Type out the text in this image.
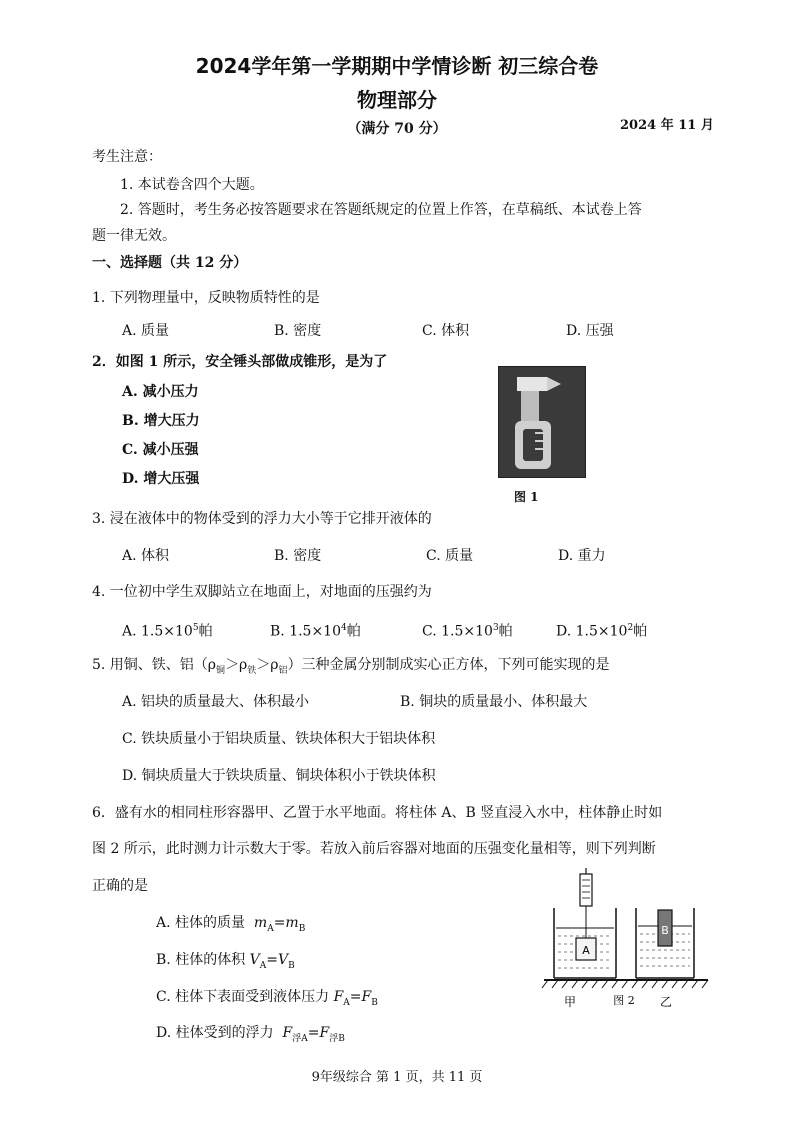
2024学年第一学期期中学情诊断 初三综合卷
物理部分
（满分 70 分）	2024 年 11 月
考生注意：
1. 本试卷含四个大题。
2. 答题时，考生务必按答题要求在答题纸规定的位置上作答，在草稿纸、本试卷上答
题一律无效。
一、选择题（共 12 分）
1. 下列物理量中，反映物质特性的是
A. 质量	B. 密度	C. 体积	D. 压强
2．如图 1 所示，安全锤头部做成锥形，是为了
A. 减小压力
B. 增大压力
C. 减小压强
D. 增大压强
图 1
3. 浸在液体中的物体受到的浮力大小等于它排开液体的
A. 体积	B. 密度	C. 质量	D. 重力
4. 一位初中学生双脚站立在地面上，对地面的压强约为
A. $1.5\times 10^5$帕	B. $1.5\times 10^4$帕	C. $1.5\times 10^3$帕	D. $1.5\times 10^2$帕
5. 用铜、铁、铝$(\rho_铜>\rho_铁>\rho_铝)$三种金属分别制成实心正方体，下列可能实现的是
A. 铝块的质量最大、体积最小	B. 铜块的质量最小、体积最大
C. 铁块质量小于铝块质量、铁块体积大于铝块体积
D. 铜块质量大于铁块质量、铜块体积小于铁块体积
6．盛有水的相同柱形容器甲、乙置于水平地面。将柱体 A、B 竖直浸入水中，柱体静止时如
图 2 所示，此时测力计示数大于零。若放入前后容器对地面的压强变化量相等，则下列判断
正确的是
A. 柱体的质量 $m_A=m_B$
B. 柱体的体积 $V_A=V_B$
C. 柱体下表面受到液体压力 $F_A=F_B$
D. 柱体受到的浮力 $F_{浮A}=F_{浮B}$
A
B
甲	图 2 乙
9年级综合 第 1 页，共 11 页
